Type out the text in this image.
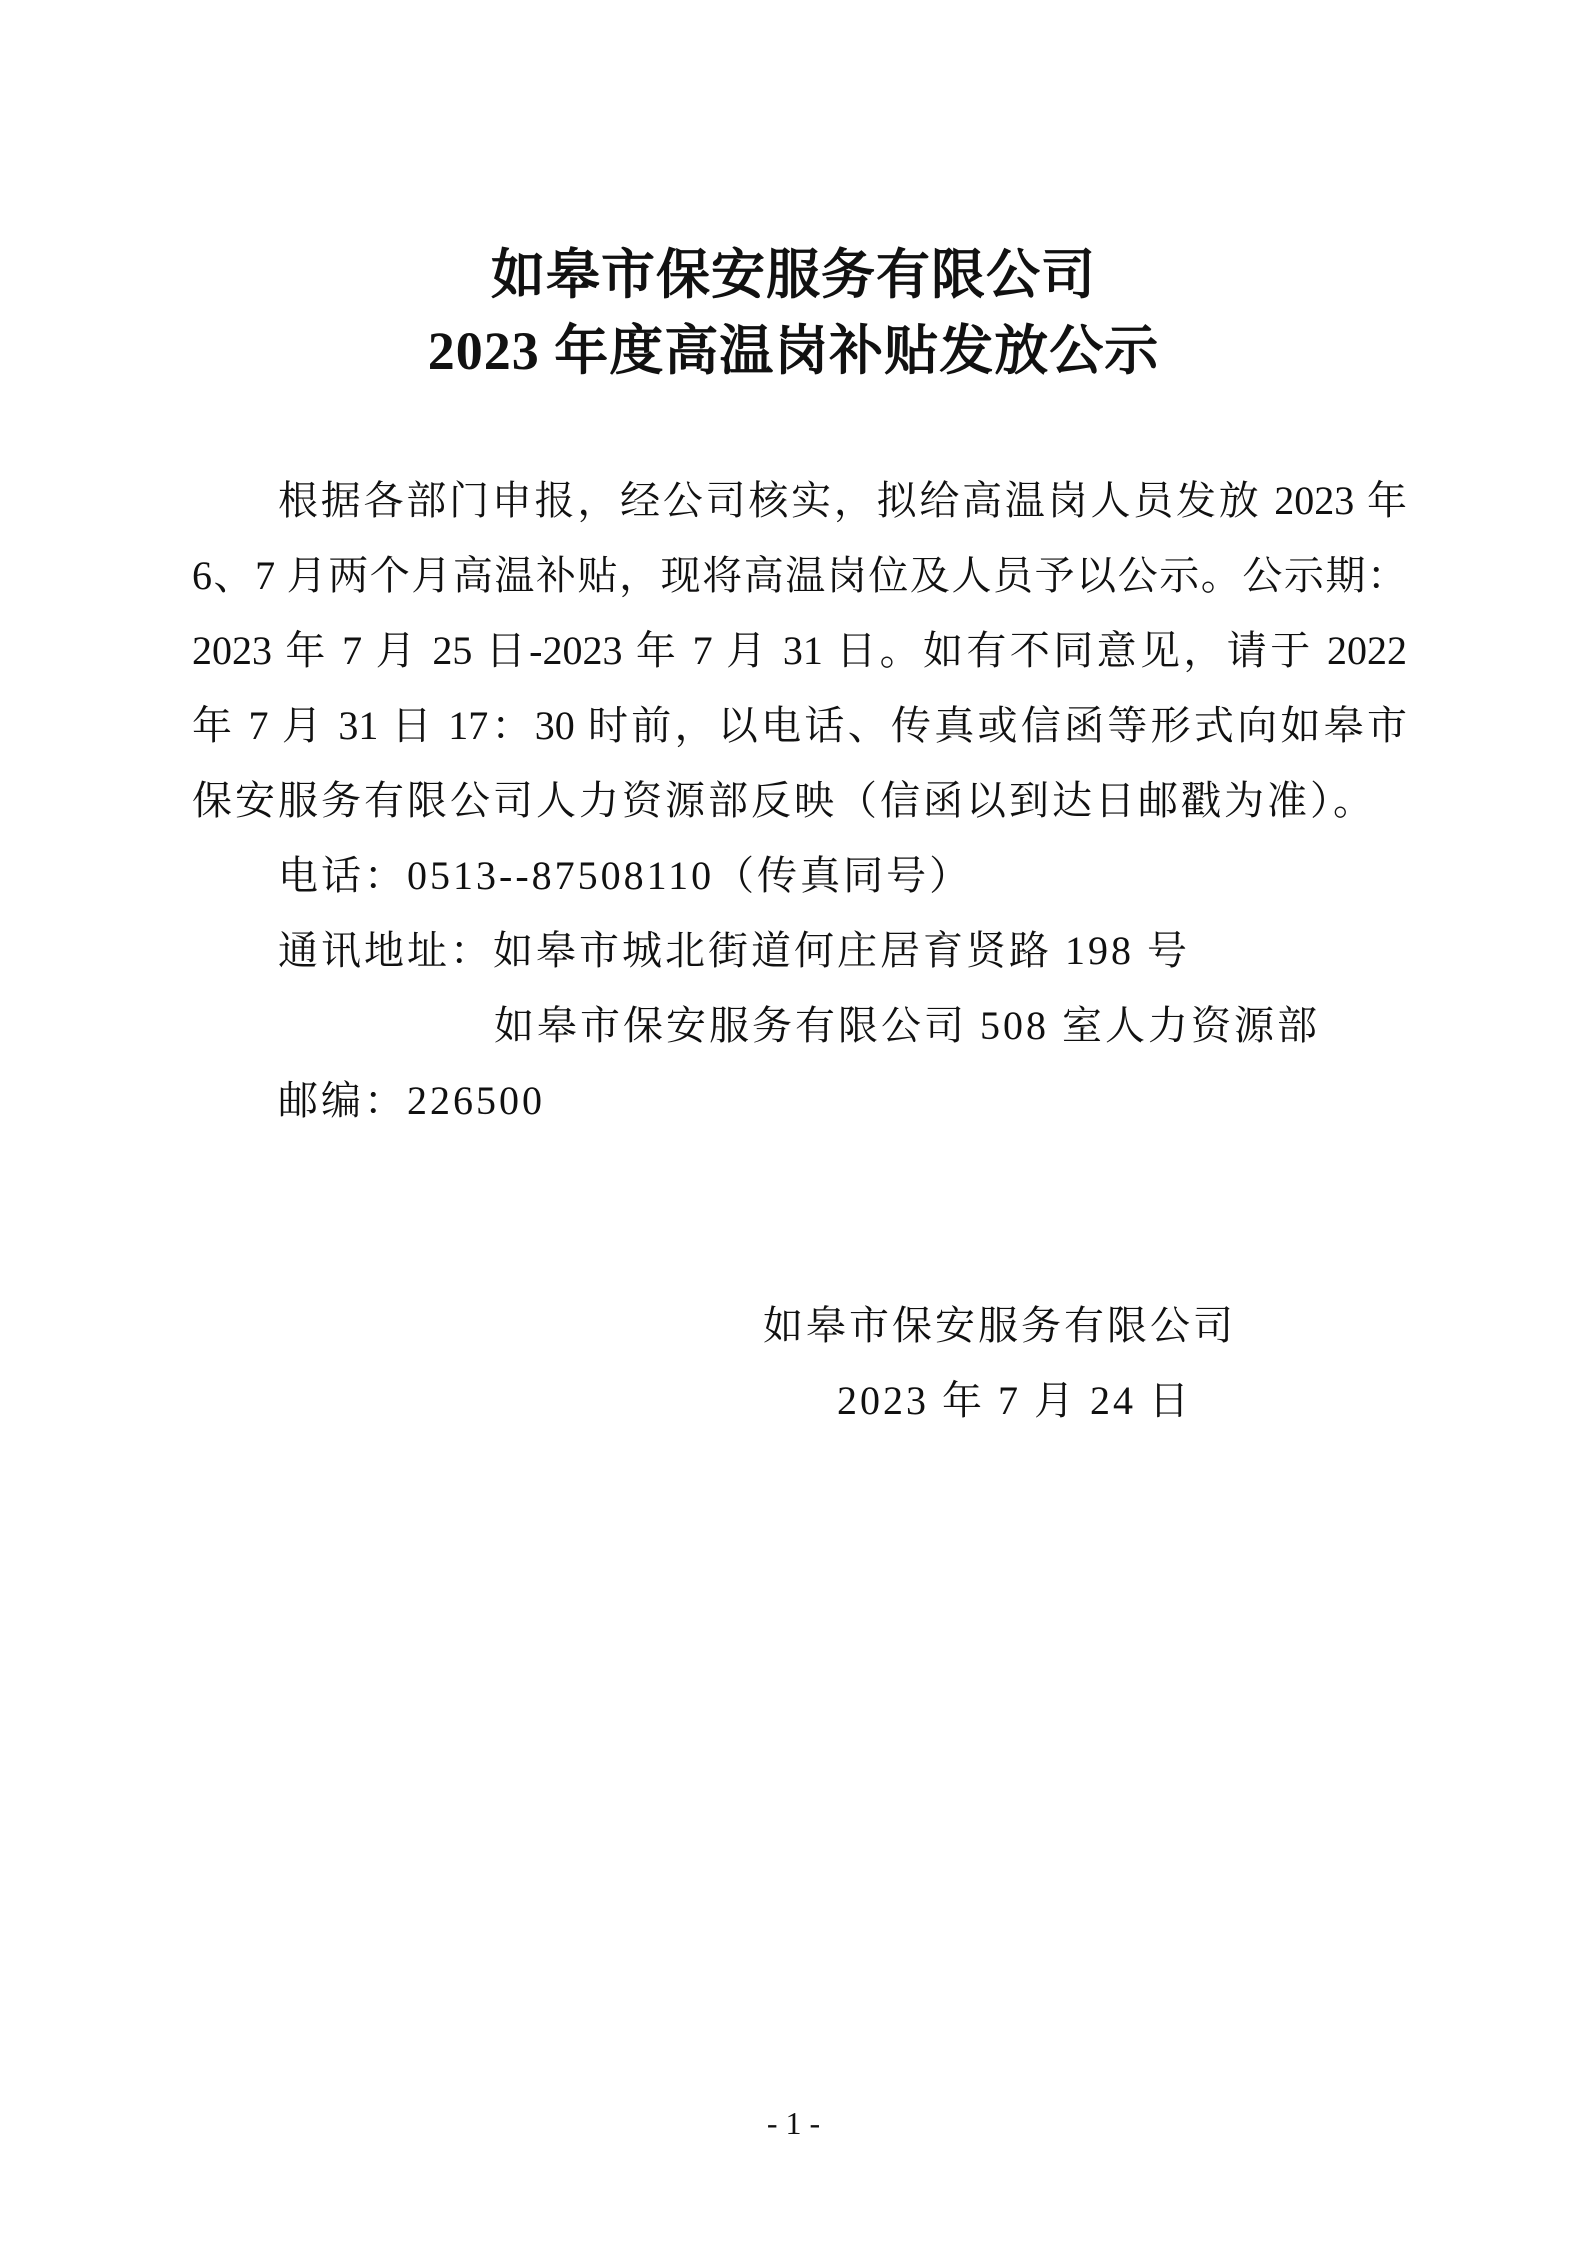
如皋市保安服务有限公司
2023 年度高温岗补贴发放公示
根据各部门申报，经公司核实，拟给高温岗人员发放 2023 年
6、7 月两个月高温补贴，现将高温岗位及人员予以公示。公示期：
2023 年 7 月 25 日-2023 年 7 月 31 日。如有不同意见，请于 2022
年 7 月 31 日 17：30 时前，以电话、传真或信函等形式向如皋市
保安服务有限公司人力资源部反映（信函以到达日邮戳为准）。
电话：0513--87508110（传真同号）
通讯地址：如皋市城北街道何庄居育贤路 198 号
如皋市保安服务有限公司 508 室人力资源部
邮编：226500
如皋市保安服务有限公司
2023 年 7 月 24 日
- 1 -
